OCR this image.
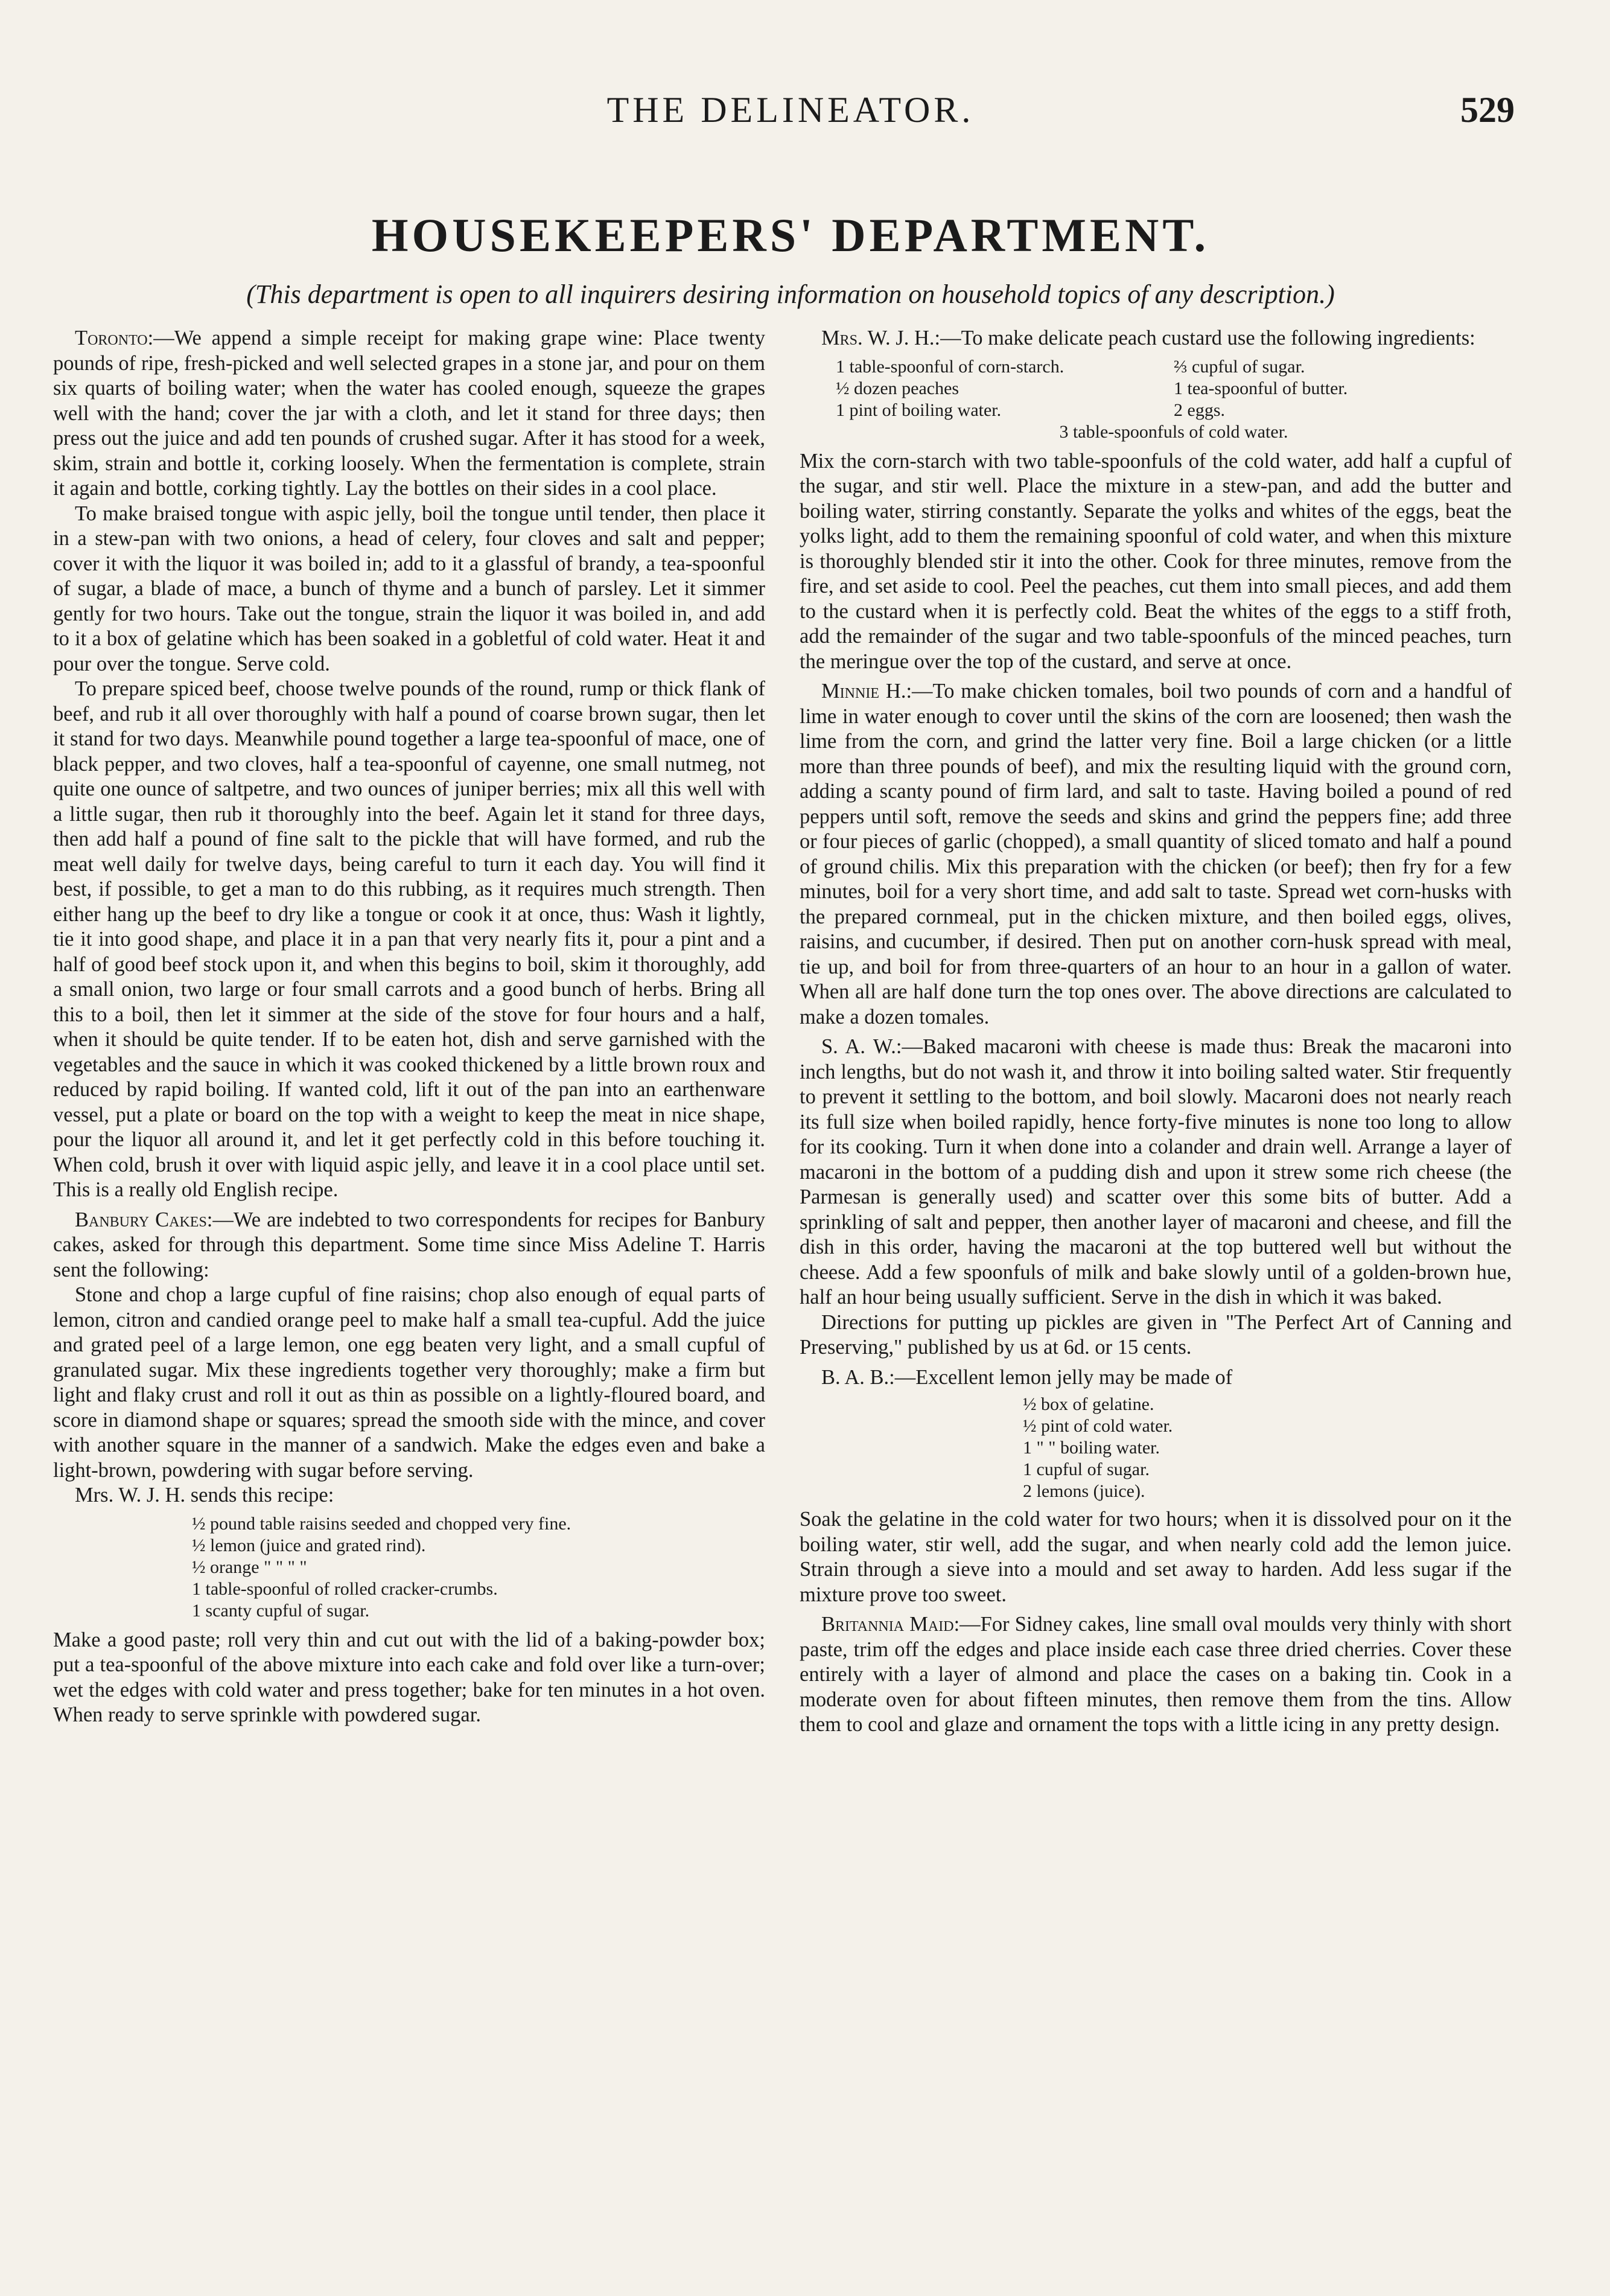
THE DELINEATOR.	529
HOUSEKEEPERS' DEPARTMENT.
(This department is open to all inquirers desiring information on household topics of any description.)

Toronto:—We append a simple receipt for making grape wine: Place twenty pounds of ripe, fresh-picked and well selected grapes in a stone jar, and pour on them six quarts of boiling water; when the water has cooled enough, squeeze the grapes well with the hand; cover the jar with a cloth, and let it stand for three days; then press out the juice and add ten pounds of crushed sugar. After it has stood for a week, skim, strain and bottle it, corking loosely. When the fermentation is complete, strain it again and bottle, corking tightly. Lay the bottles on their sides in a cool place.

To make braised tongue with aspic jelly, boil the tongue until tender, then place it in a stew-pan with two onions, a head of celery, four cloves and salt and pepper; cover it with the liquor it was boiled in; add to it a glassful of brandy, a tea-spoonful of sugar, a blade of mace, a bunch of thyme and a bunch of parsley. Let it simmer gently for two hours. Take out the tongue, strain the liquor it was boiled in, and add to it a box of gelatine which has been soaked in a gobletful of cold water. Heat it and pour over the tongue. Serve cold.

To prepare spiced beef, choose twelve pounds of the round, rump or thick flank of beef, and rub it all over thoroughly with half a pound of coarse brown sugar, then let it stand for two days. Meanwhile pound together a large tea-spoonful of mace, one of black pepper, and two cloves, half a tea-spoonful of cayenne, one small nutmeg, not quite one ounce of saltpetre, and two ounces of juniper berries; mix all this well with a little sugar, then rub it thoroughly into the beef. Again let it stand for three days, then add half a pound of fine salt to the pickle that will have formed, and rub the meat well daily for twelve days, being careful to turn it each day. You will find it best, if possible, to get a man to do this rubbing, as it requires much strength. Then either hang up the beef to dry like a tongue or cook it at once, thus: Wash it lightly, tie it into good shape, and place it in a pan that very nearly fits it, pour a pint and a half of good beef stock upon it, and when this begins to boil, skim it thoroughly, add a small onion, two large or four small carrots and a good bunch of herbs. Bring all this to a boil, then let it simmer at the side of the stove for four hours and a half, when it should be quite tender. If to be eaten hot, dish and serve garnished with the vegetables and the sauce in which it was cooked thickened by a little brown roux and reduced by rapid boiling. If wanted cold, lift it out of the pan into an earthenware vessel, put a plate or board on the top with a weight to keep the meat in nice shape, pour the liquor all around it, and let it get perfectly cold in this before touching it. When cold, brush it over with liquid aspic jelly, and leave it in a cool place until set. This is a really old English recipe.

Banbury Cakes:—We are indebted to two correspondents for recipes for Banbury cakes, asked for through this department. Some time since Miss Adeline T. Harris sent the following:

Stone and chop a large cupful of fine raisins; chop also enough of equal parts of lemon, citron and candied orange peel to make half a small tea-cupful. Add the juice and grated peel of a large lemon, one egg beaten very light, and a small cupful of granulated sugar. Mix these ingredients together very thoroughly; make a firm but light and flaky crust and roll it out as thin as possible on a lightly-floured board, and score in diamond shape or squares; spread the smooth side with the mince, and cover with another square in the manner of a sandwich. Make the edges even and bake a light-brown, powdering with sugar before serving.

Mrs. W. J. H. sends this recipe:

½ pound table raisins seeded and chopped very fine.
½ lemon (juice and grated rind).
½ orange " " " "
1 table-spoonful of rolled cracker-crumbs.
1 scanty cupful of sugar.

Make a good paste; roll very thin and cut out with the lid of a baking-powder box; put a tea-spoonful of the above mixture into each cake and fold over like a turn-over; wet the edges with cold water and press together; bake for ten minutes in a hot oven. When ready to serve sprinkle with powdered sugar.

Mrs. W. J. H.:—To make delicate peach custard use the following ingredients:

1 table-spoonful of corn-starch.	⅔ cupful of sugar.
½ dozen peaches	1 tea-spoonful of butter.
1 pint of boiling water.	2 eggs.
3 table-spoonfuls of cold water.

Mix the corn-starch with two table-spoonfuls of the cold water, add half a cupful of the sugar, and stir well. Place the mixture in a stew-pan, and add the butter and boiling water, stirring constantly. Separate the yolks and whites of the eggs, beat the yolks light, add to them the remaining spoonful of cold water, and when this mixture is thoroughly blended stir it into the other. Cook for three minutes, remove from the fire, and set aside to cool. Peel the peaches, cut them into small pieces, and add them to the custard when it is perfectly cold. Beat the whites of the eggs to a stiff froth, add the remainder of the sugar and two table-spoonfuls of the minced peaches, turn the meringue over the top of the custard, and serve at once.

Minnie H.:—To make chicken tomales, boil two pounds of corn and a handful of lime in water enough to cover until the skins of the corn are loosened; then wash the lime from the corn, and grind the latter very fine. Boil a large chicken (or a little more than three pounds of beef), and mix the resulting liquid with the ground corn, adding a scanty pound of firm lard, and salt to taste. Having boiled a pound of red peppers until soft, remove the seeds and skins and grind the peppers fine; add three or four pieces of garlic (chopped), a small quantity of sliced tomato and half a pound of ground chilis. Mix this preparation with the chicken (or beef); then fry for a few minutes, boil for a very short time, and add salt to taste. Spread wet corn-husks with the prepared cornmeal, put in the chicken mixture, and then boiled eggs, olives, raisins, and cucumber, if desired. Then put on another corn-husk spread with meal, tie up, and boil for from three-quarters of an hour to an hour in a gallon of water. When all are half done turn the top ones over. The above directions are calculated to make a dozen tomales.

S. A. W.:—Baked macaroni with cheese is made thus: Break the macaroni into inch lengths, but do not wash it, and throw it into boiling salted water. Stir frequently to prevent it settling to the bottom, and boil slowly. Macaroni does not nearly reach its full size when boiled rapidly, hence forty-five minutes is none too long to allow for its cooking. Turn it when done into a colander and drain well. Arrange a layer of macaroni in the bottom of a pudding dish and upon it strew some rich cheese (the Parmesan is generally used) and scatter over this some bits of butter. Add a sprinkling of salt and pepper, then another layer of macaroni and cheese, and fill the dish in this order, having the macaroni at the top buttered well but without the cheese. Add a few spoonfuls of milk and bake slowly until of a golden-brown hue, half an hour being usually sufficient. Serve in the dish in which it was baked.

Directions for putting up pickles are given in "The Perfect Art of Canning and Preserving," published by us at 6d. or 15 cents.

B. A. B.:—Excellent lemon jelly may be made of

½ box of gelatine.
½ pint of cold water.
1 " " boiling water.
1 cupful of sugar.
2 lemons (juice).

Soak the gelatine in the cold water for two hours; when it is dissolved pour on it the boiling water, stir well, add the sugar, and when nearly cold add the lemon juice. Strain through a sieve into a mould and set away to harden. Add less sugar if the mixture prove too sweet.

Britannia Maid:—For Sidney cakes, line small oval moulds very thinly with short paste, trim off the edges and place inside each case three dried cherries. Cover these entirely with a layer of almond and place the cases on a baking tin. Cook in a moderate oven for about fifteen minutes, then remove them from the tins. Allow them to cool and glaze and ornament the tops with a little icing in any pretty design.
